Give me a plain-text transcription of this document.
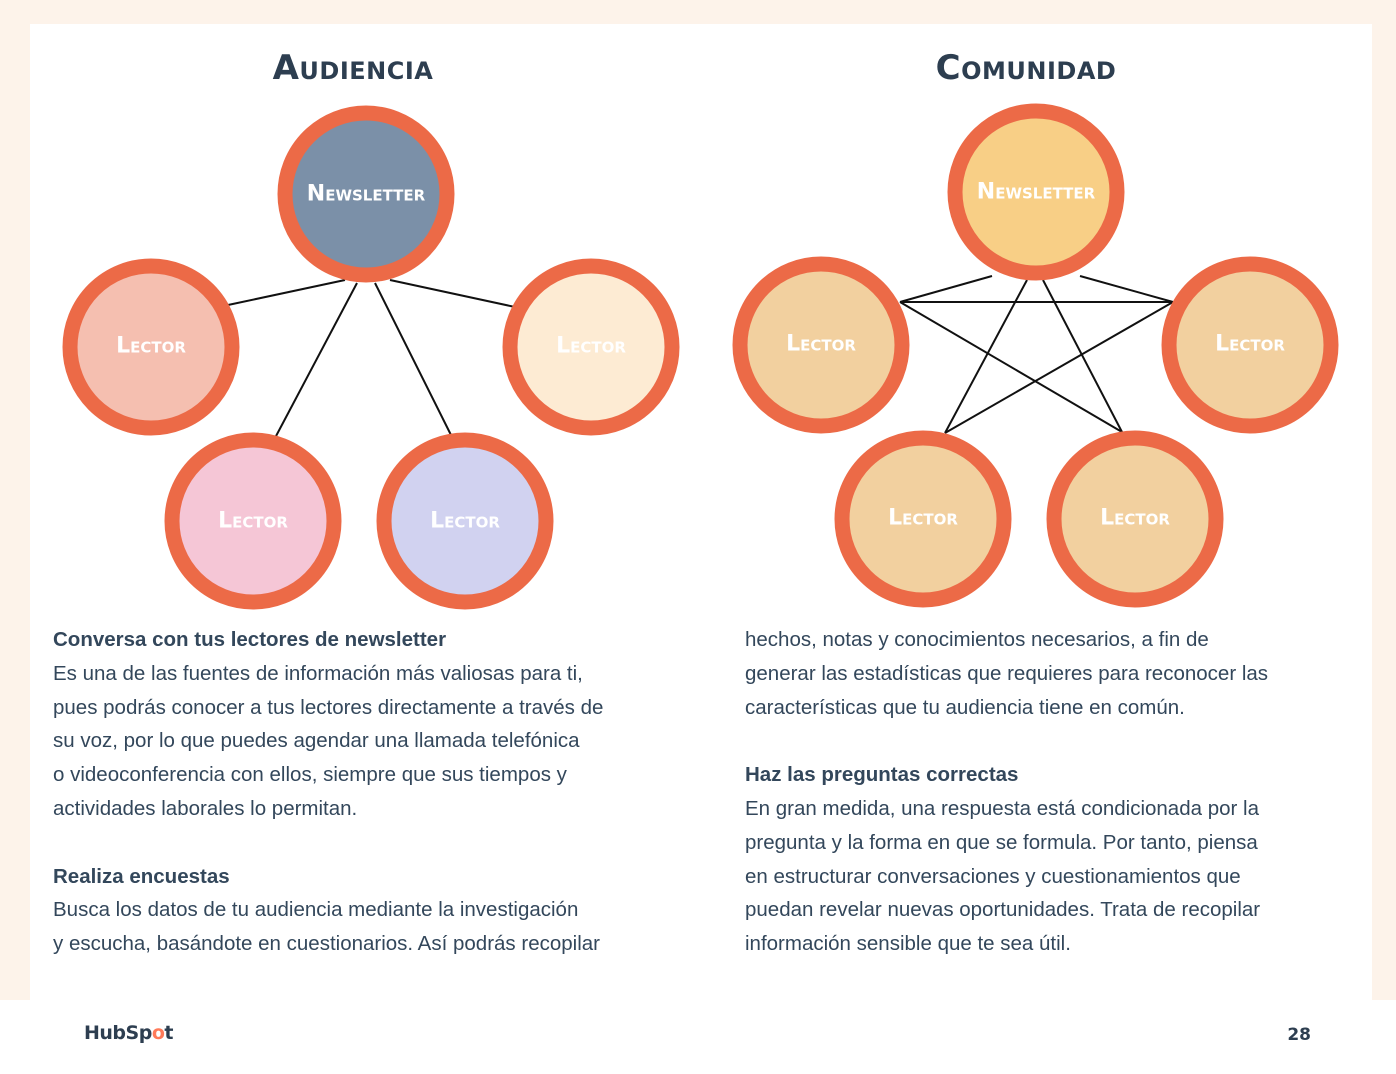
Audiencia	Comunidad
Newsletter
Lector	Lector
Lector	Lector
Newsletter
Lector	Lector
Lector	Lector

Conversa con tus lectores de newsletter

Es una de las fuentes de información más valiosas para ti,

pues podrás conocer a tus lectores directamente a través de

su voz, por lo que puedes agendar una llamada telefónica

o videoconferencia con ellos, siempre que sus tiempos y

actividades laborales lo permitan.

Realiza encuestas

Busca los datos de tu audiencia mediante la investigación

y escucha, basándote en cuestionarios. Así podrás recopilar

hechos, notas y conocimientos necesarios, a fin de

generar las estadísticas que requieres para reconocer las

características que tu audiencia tiene en común.

Haz las preguntas correctas

En gran medida, una respuesta está condicionada por la

pregunta y la forma en que se formula. Por tanto, piensa

en estructurar conversaciones y cuestionamientos que

puedan revelar nuevas oportunidades. Trata de recopilar

información sensible que te sea útil.

HubSpot	28
